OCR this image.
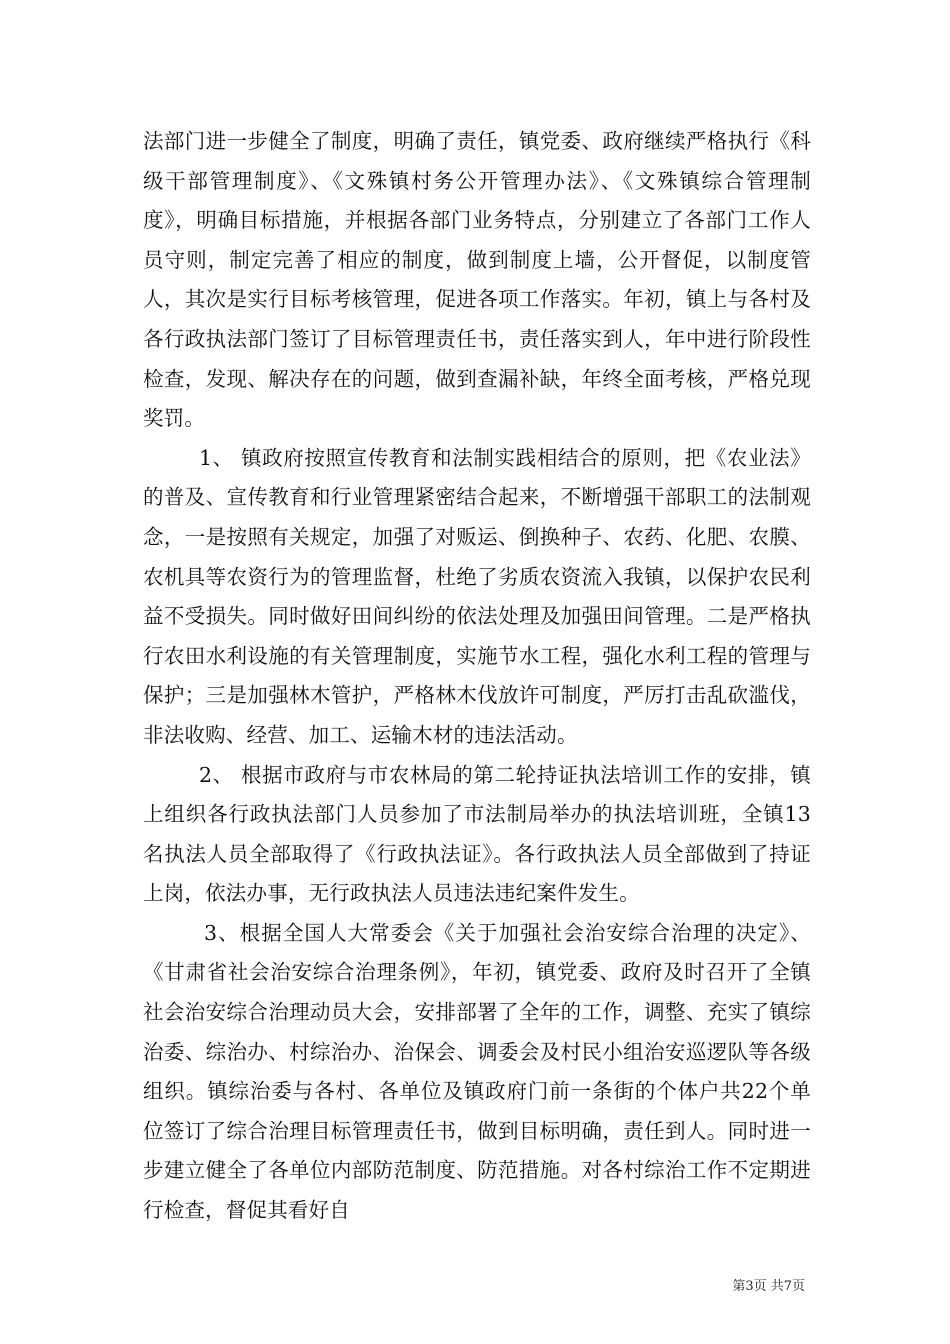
法部门进一步健全了制度，明确了责任，镇党委、政府继续严格执行《科级干部管理制度》、《文殊镇村务公开管理办法》、《文殊镇综合管理制度》，明确目标措施，并根据各部门业务特点，分别建立了各部门工作人员守则，制定完善了相应的制度，做到制度上墙，公开督促，以制度管人，其次是实行目标考核管理，促进各项工作落实。年初，镇上与各村及各行政执法部门签订了目标管理责任书，责任落实到人，年中进行阶段性检查，发现、解决存在的问题，做到查漏补缺，年终全面考核，严格兑现奖罚。

1、 镇政府按照宣传教育和法制实践相结合的原则，把《农业法》的普及、宣传教育和行业管理紧密结合起来，不断增强干部职工的法制观念，一是按照有关规定，加强了对贩运、倒换种子、农药、化肥、农膜、农机具等农资行为的管理监督，杜绝了劣质农资流入我镇，以保护农民利益不受损失。同时做好田间纠纷的依法处理及加强田间管理。二是严格执行农田水利设施的有关管理制度，实施节水工程，强化水利工程的管理与保护；三是加强林木管护，严格林木伐放许可制度，严厉打击乱砍滥伐，非法收购、经营、加工、运输木材的违法活动。

2、 根据市政府与市农林局的第二轮持证执法培训工作的安排，镇上组织各行政执法部门人员参加了市法制局举办的执法培训班，全镇13名执法人员全部取得了《行政执法证》。各行政执法人员全部做到了持证上岗，依法办事，无行政执法人员违法违纪案件发生。

3、根据全国人大常委会《关于加强社会治安综合治理的决定》、《甘肃省社会治安综合治理条例》，年初，镇党委、政府及时召开了全镇社会治安综合治理动员大会，安排部署了全年的工作，调整、充实了镇综治委、综治办、村综治办、治保会、调委会及村民小组治安巡逻队等各级组织。镇综治委与各村、各单位及镇政府门前一条街的个体户共22个单位签订了综合治理目标管理责任书，做到目标明确，责任到人。同时进一步建立健全了各单位内部防范制度、防范措施。对各村综治工作不定期进行检查，督促其看好自

第3页 共7页
